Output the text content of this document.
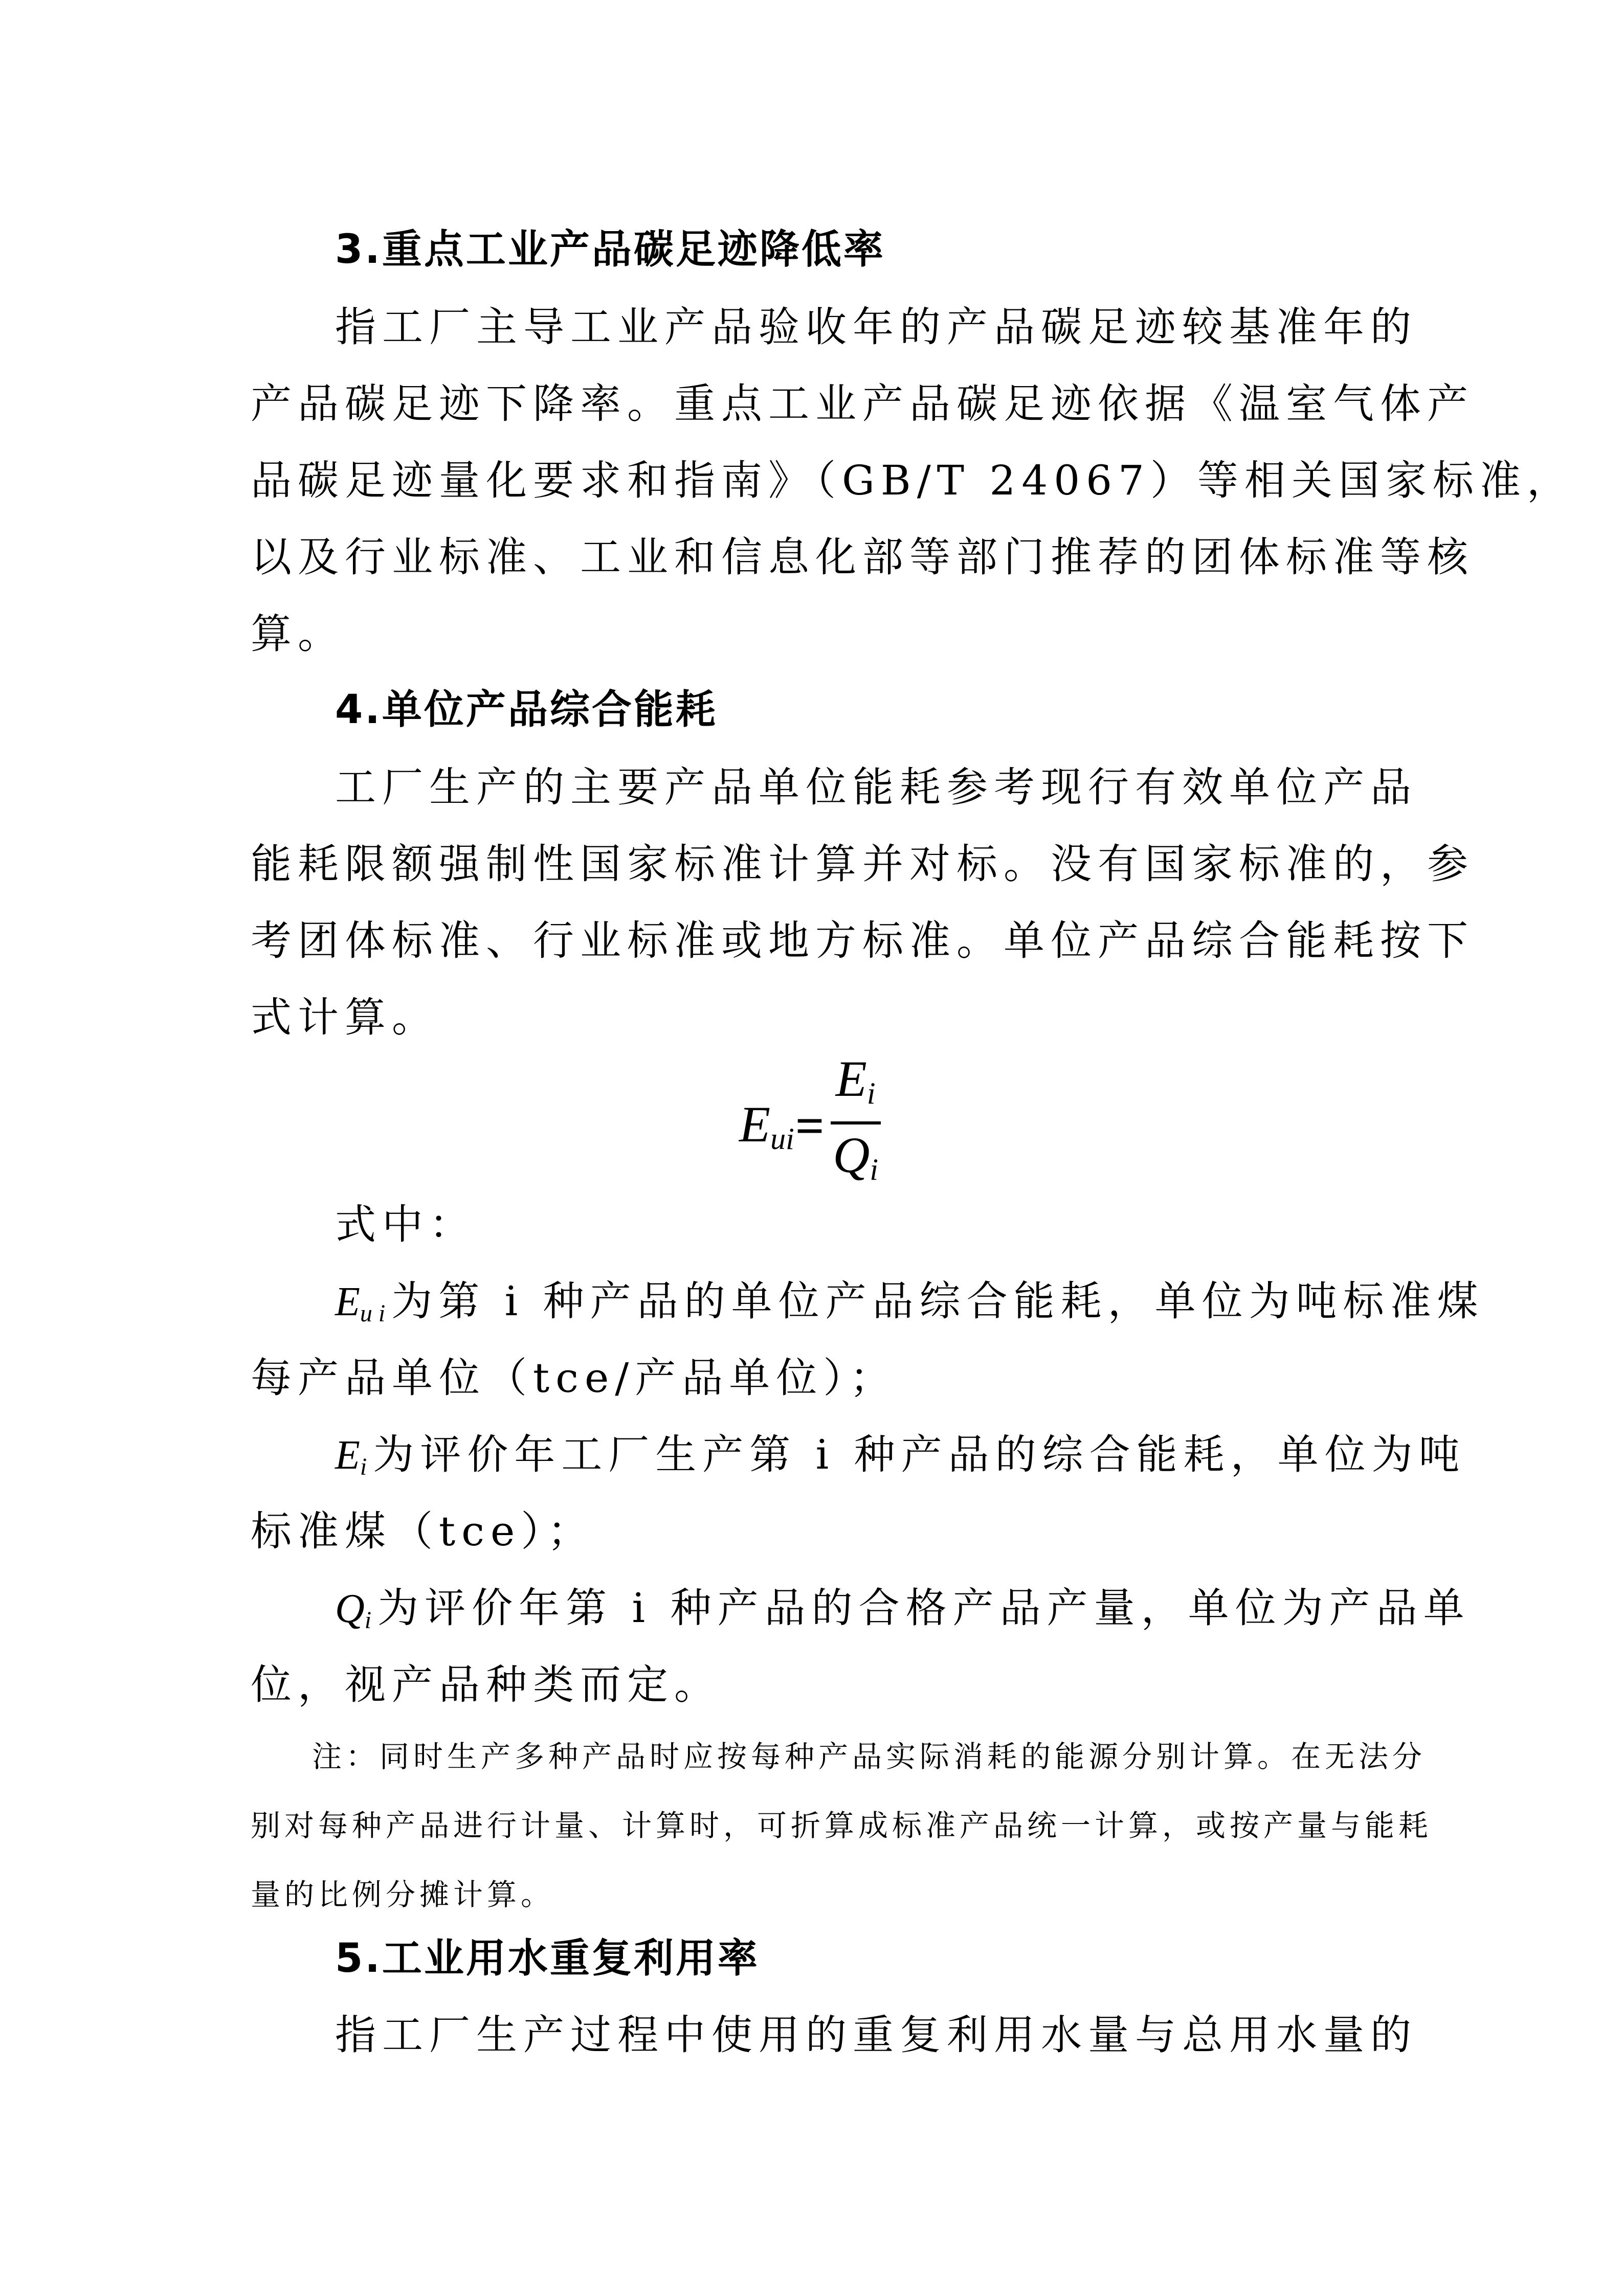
3.重点工业产品碳足迹降低率
指工厂主导工业产品验收年的产品碳足迹较基准年的
产品碳足迹下降率。重点工业产品碳足迹依据《温室气体产
品碳足迹量化要求和指南》（GB/T 24067）等相关国家标准，
以及行业标准、工业和信息化部等部门推荐的团体标准等核
算。
4.单位产品综合能耗
工厂生产的主要产品单位能耗参考现行有效单位产品
能耗限额强制性国家标准计算并对标。没有国家标准的，参
考团体标准、行业标准或地方标准。单位产品综合能耗按下
式计算。
$E_{ui} = \frac{E_i}{Q_i}$
式中：
$E_{ui}$为第 i 种产品的单位产品综合能耗，单位为吨标准煤
每产品单位（tce/产品单位）；
$E_i$为评价年工厂生产第 i 种产品的综合能耗，单位为吨
标准煤（tce）；
$Q_i$为评价年第 i 种产品的合格产品产量，单位为产品单
位，视产品种类而定。
注：同时生产多种产品时应按每种产品实际消耗的能源分别计算。在无法分
别对每种产品进行计量、计算时，可折算成标准产品统一计算，或按产量与能耗
量的比例分摊计算。
5.工业用水重复利用率
指工厂生产过程中使用的重复利用水量与总用水量的
